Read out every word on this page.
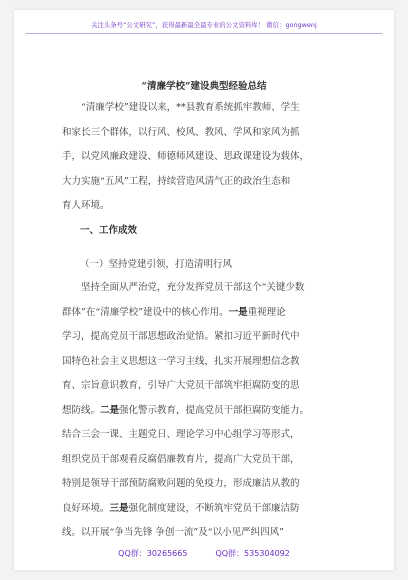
关注头条号“公文研究”，获得最新最全最专业的公文资料库！ 微信：gongwenj
“清廉学校”建设典型经验总结
“清廉学校”建设以来，**县教育系统抓牢教师、学生
和家长三个群体，以行风、校风、教风、学风和家风为抓
手，以党风廉政建设、师德师风建设、思政课建设为载体，
大力实施“五风”工程，持续营造风清气正的政治生态和
育人环境。
一、工作成效
（一）坚持党建引领，打造清明行风
坚持全面从严治党，充分发挥党员干部这个“关键少数
群体”在“清廉学校”建设中的核心作用。一是重视理论
学习，提高党员干部思想政治觉悟。紧扣习近平新时代中
国特色社会主义思想这一学习主线，扎实开展理想信念教
育、宗旨意识教育，引导广大党员干部筑牢拒腐防变的思
想防线。二是强化警示教育，提高党员干部拒腐防变能力。
结合三会一课、主题党日、理论学习中心组学习等形式，
组织党员干部观看反腐倡廉教育片，提高广大党员干部，
特别是领导干部预防腐败问题的免疫力，形成廉洁从教的
良好环境。三是强化制度建设，不断筑牢党员干部廉洁防
线。以开展“争当先锋 争创一流”及“以小见严纠四风”
QQ群：30265665	QQ群：535304092
